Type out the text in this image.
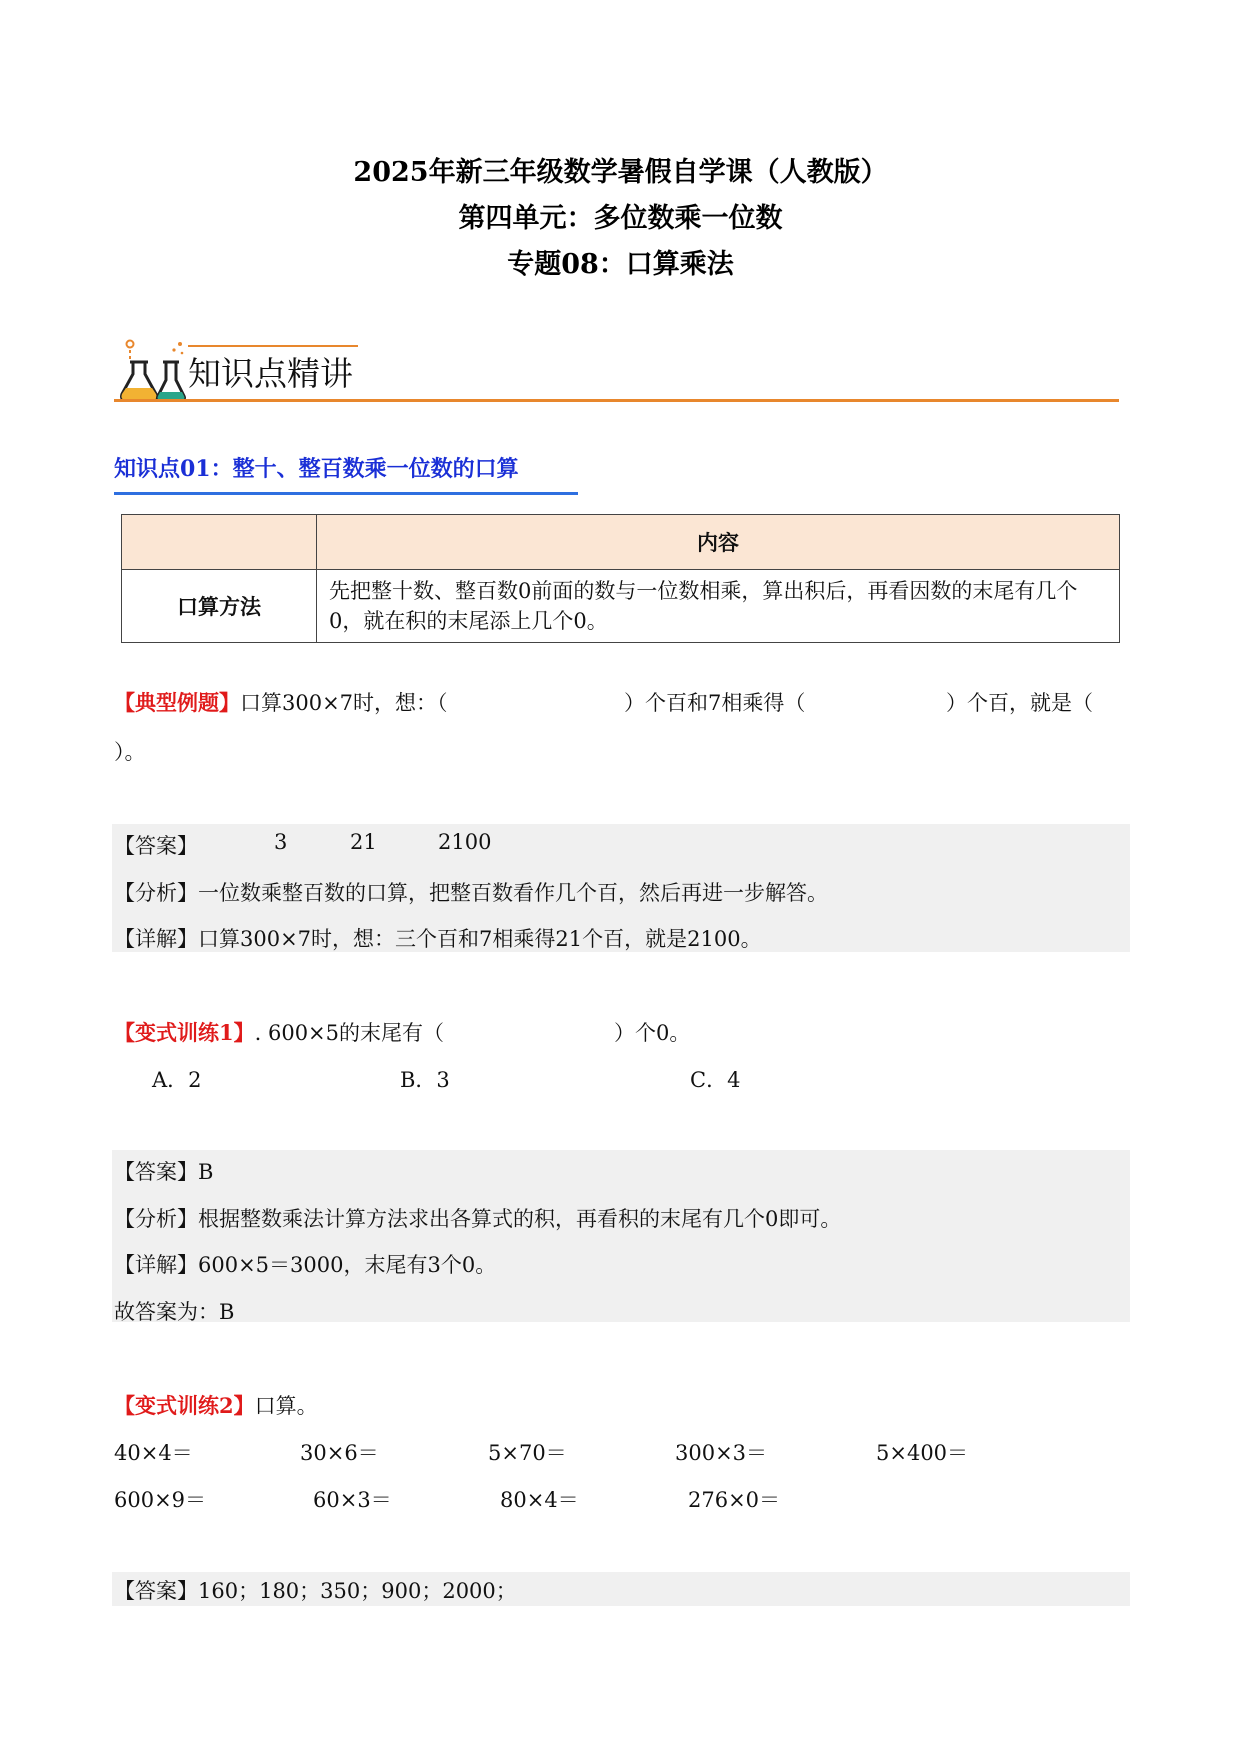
2025年新三年级数学暑假自学课（人教版）
第四单元：多位数乘一位数
专题08：口算乘法
知识点精讲
知识点01：整十、整百数乘一位数的口算
	内容
口算方法	先把整十数、整百数0前面的数与一位数相乘，算出积后，再看因数的末尾有几个0，就在积的末尾添上几个0。
【典型例题】口算300×7时，想：（	）个百和7相乘得（	）个百，就是（
）。
【答案】	3	21	2100
【分析】一位数乘整百数的口算，把整百数看作几个百，然后再进一步解答。
【详解】口算300×7时，想：三个百和7相乘得21个百，就是2100。
【变式训练1】. 600×5的末尾有（	）个0。
A．2	B．3	C．4
【答案】B
【分析】根据整数乘法计算方法求出各算式的积，再看积的末尾有几个0即可。
【详解】600×5＝3000，末尾有3个0。
故答案为：B
【变式训练2】口算。
40×4＝	30×6＝	5×70＝	300×3＝	5×400＝
600×9＝	60×3＝	80×4＝	276×0＝
【答案】160；180；350；900；2000；
